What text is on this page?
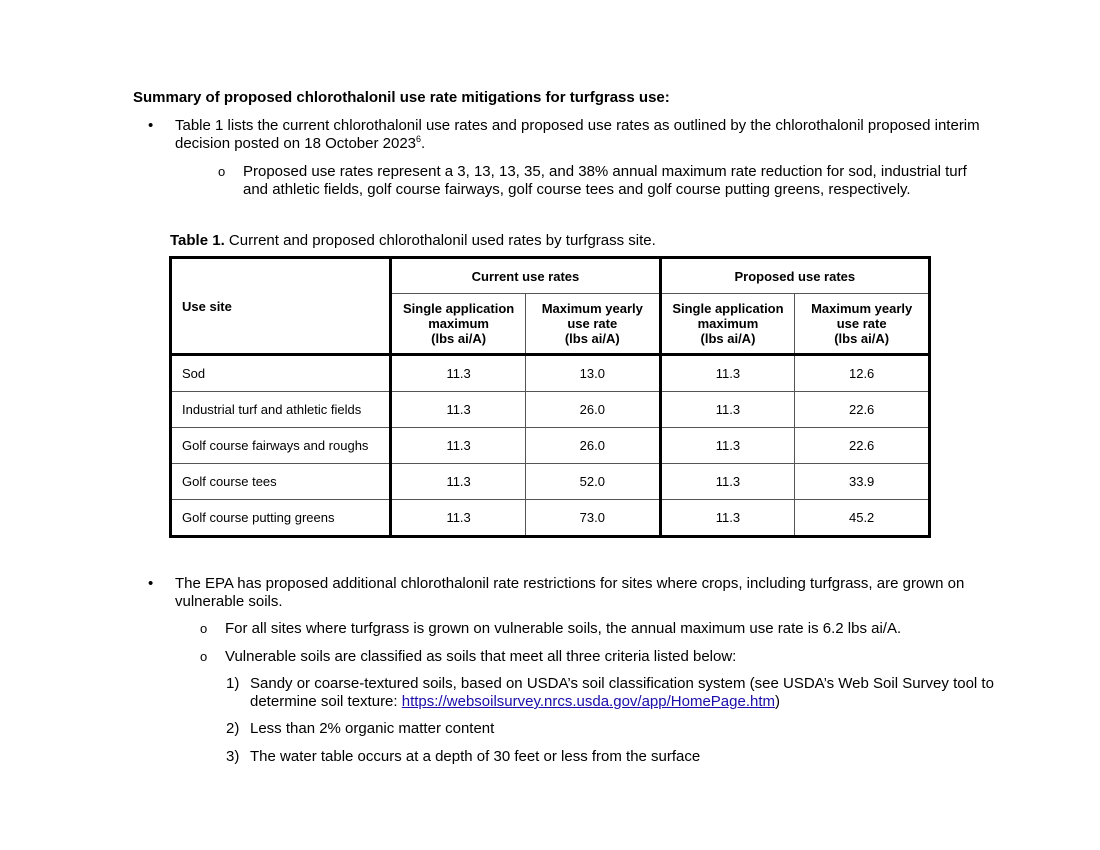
Summary of proposed chlorothalonil use rate mitigations for turfgrass use:
• Table 1 lists the current chlorothalonil use rates and proposed use rates as outlined by the chlorothalonil proposed interim decision posted on 18 October 2023$^6$.
o Proposed use rates represent a 3, 13, 13, 35, and 38% annual maximum rate reduction for sod, industrial turf and athletic fields, golf course fairways, golf course tees and golf course putting greens, respectively.
Table 1. Current and proposed chlorothalonil used rates by turfgrass site.
Use site	Current use rates		Proposed use rates	
	Single application
maximum
(lbs ai/A)	Maximum yearly
use rate
(lbs ai/A)	Single application
maximum
(lbs ai/A)	Maximum yearly
use rate
(lbs ai/A)
Sod	11.3	13.0	11.3	12.6
Industrial turf and athletic fields	11.3	26.0	11.3	22.6
Golf course fairways and roughs	11.3	26.0	11.3	22.6
Golf course tees	11.3	52.0	11.3	33.9
Golf course putting greens	11.3	73.0	11.3	45.2
• The EPA has proposed additional chlorothalonil rate restrictions for sites where crops, including turfgrass, are grown on vulnerable soils.
o For all sites where turfgrass is grown on vulnerable soils, the annual maximum use rate is 6.2 lbs ai/A.
o Vulnerable soils are classified as soils that meet all three criteria listed below:
1) Sandy or coarse-textured soils, based on USDA’s soil classification system (see USDA’s Web Soil Survey tool to determine soil texture: https://websoilsurvey.nrcs.usda.gov/app/HomePage.htm)
2) Less than 2% organic matter content
3) The water table occurs at a depth of 30 feet or less from the surface
